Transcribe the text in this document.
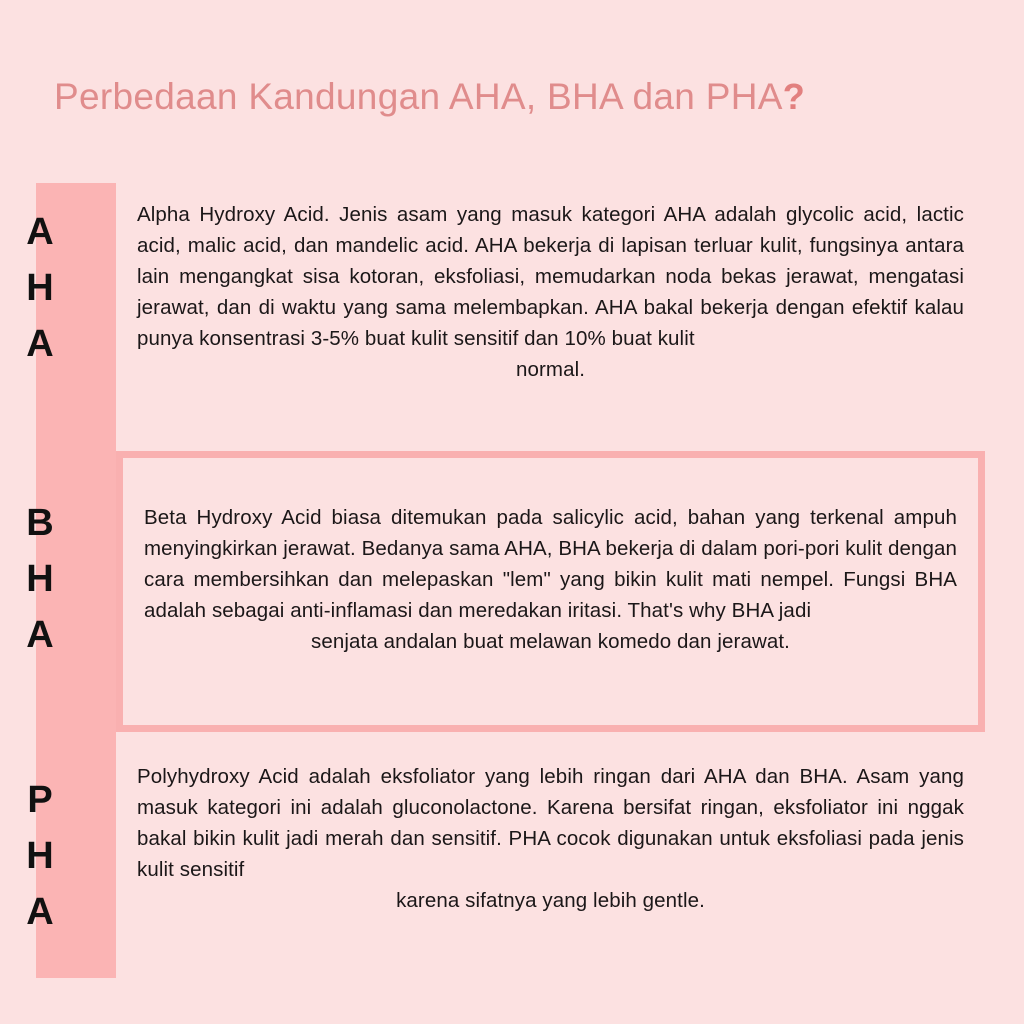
Perbedaan Kandungan AHA, BHA dan PHA?
A
H
A
B
H
A
P
H
A

Alpha Hydroxy Acid. Jenis asam yang masuk kategori AHA adalah glycolic acid, lactic acid, malic acid, dan mandelic acid. AHA bekerja di lapisan terluar kulit, fungsinya antara lain mengangkat sisa kotoran, eksfoliasi, memudarkan noda bekas jerawat, mengatasi jerawat, dan di waktu yang sama melembapkan. AHA bakal bekerja dengan efektif kalau punya konsentrasi 3-5% buat kulit sensitif dan 10% buat kulit
normal.

Beta Hydroxy Acid biasa ditemukan pada salicylic acid, bahan yang terkenal ampuh menyingkirkan jerawat. Bedanya sama AHA, BHA bekerja di dalam pori-pori kulit dengan cara membersihkan dan melepaskan "lem" yang bikin kulit mati nempel. Fungsi BHA adalah sebagai anti-inflamasi dan meredakan iritasi. That's why BHA jadi
senjata andalan buat melawan komedo dan jerawat.

Polyhydroxy Acid adalah eksfoliator yang lebih ringan dari AHA dan BHA. Asam yang masuk kategori ini adalah gluconolactone. Karena bersifat ringan, eksfoliator ini nggak bakal bikin kulit jadi merah dan sensitif. PHA cocok digunakan untuk eksfoliasi pada jenis kulit sensitif
karena sifatnya yang lebih gentle.
